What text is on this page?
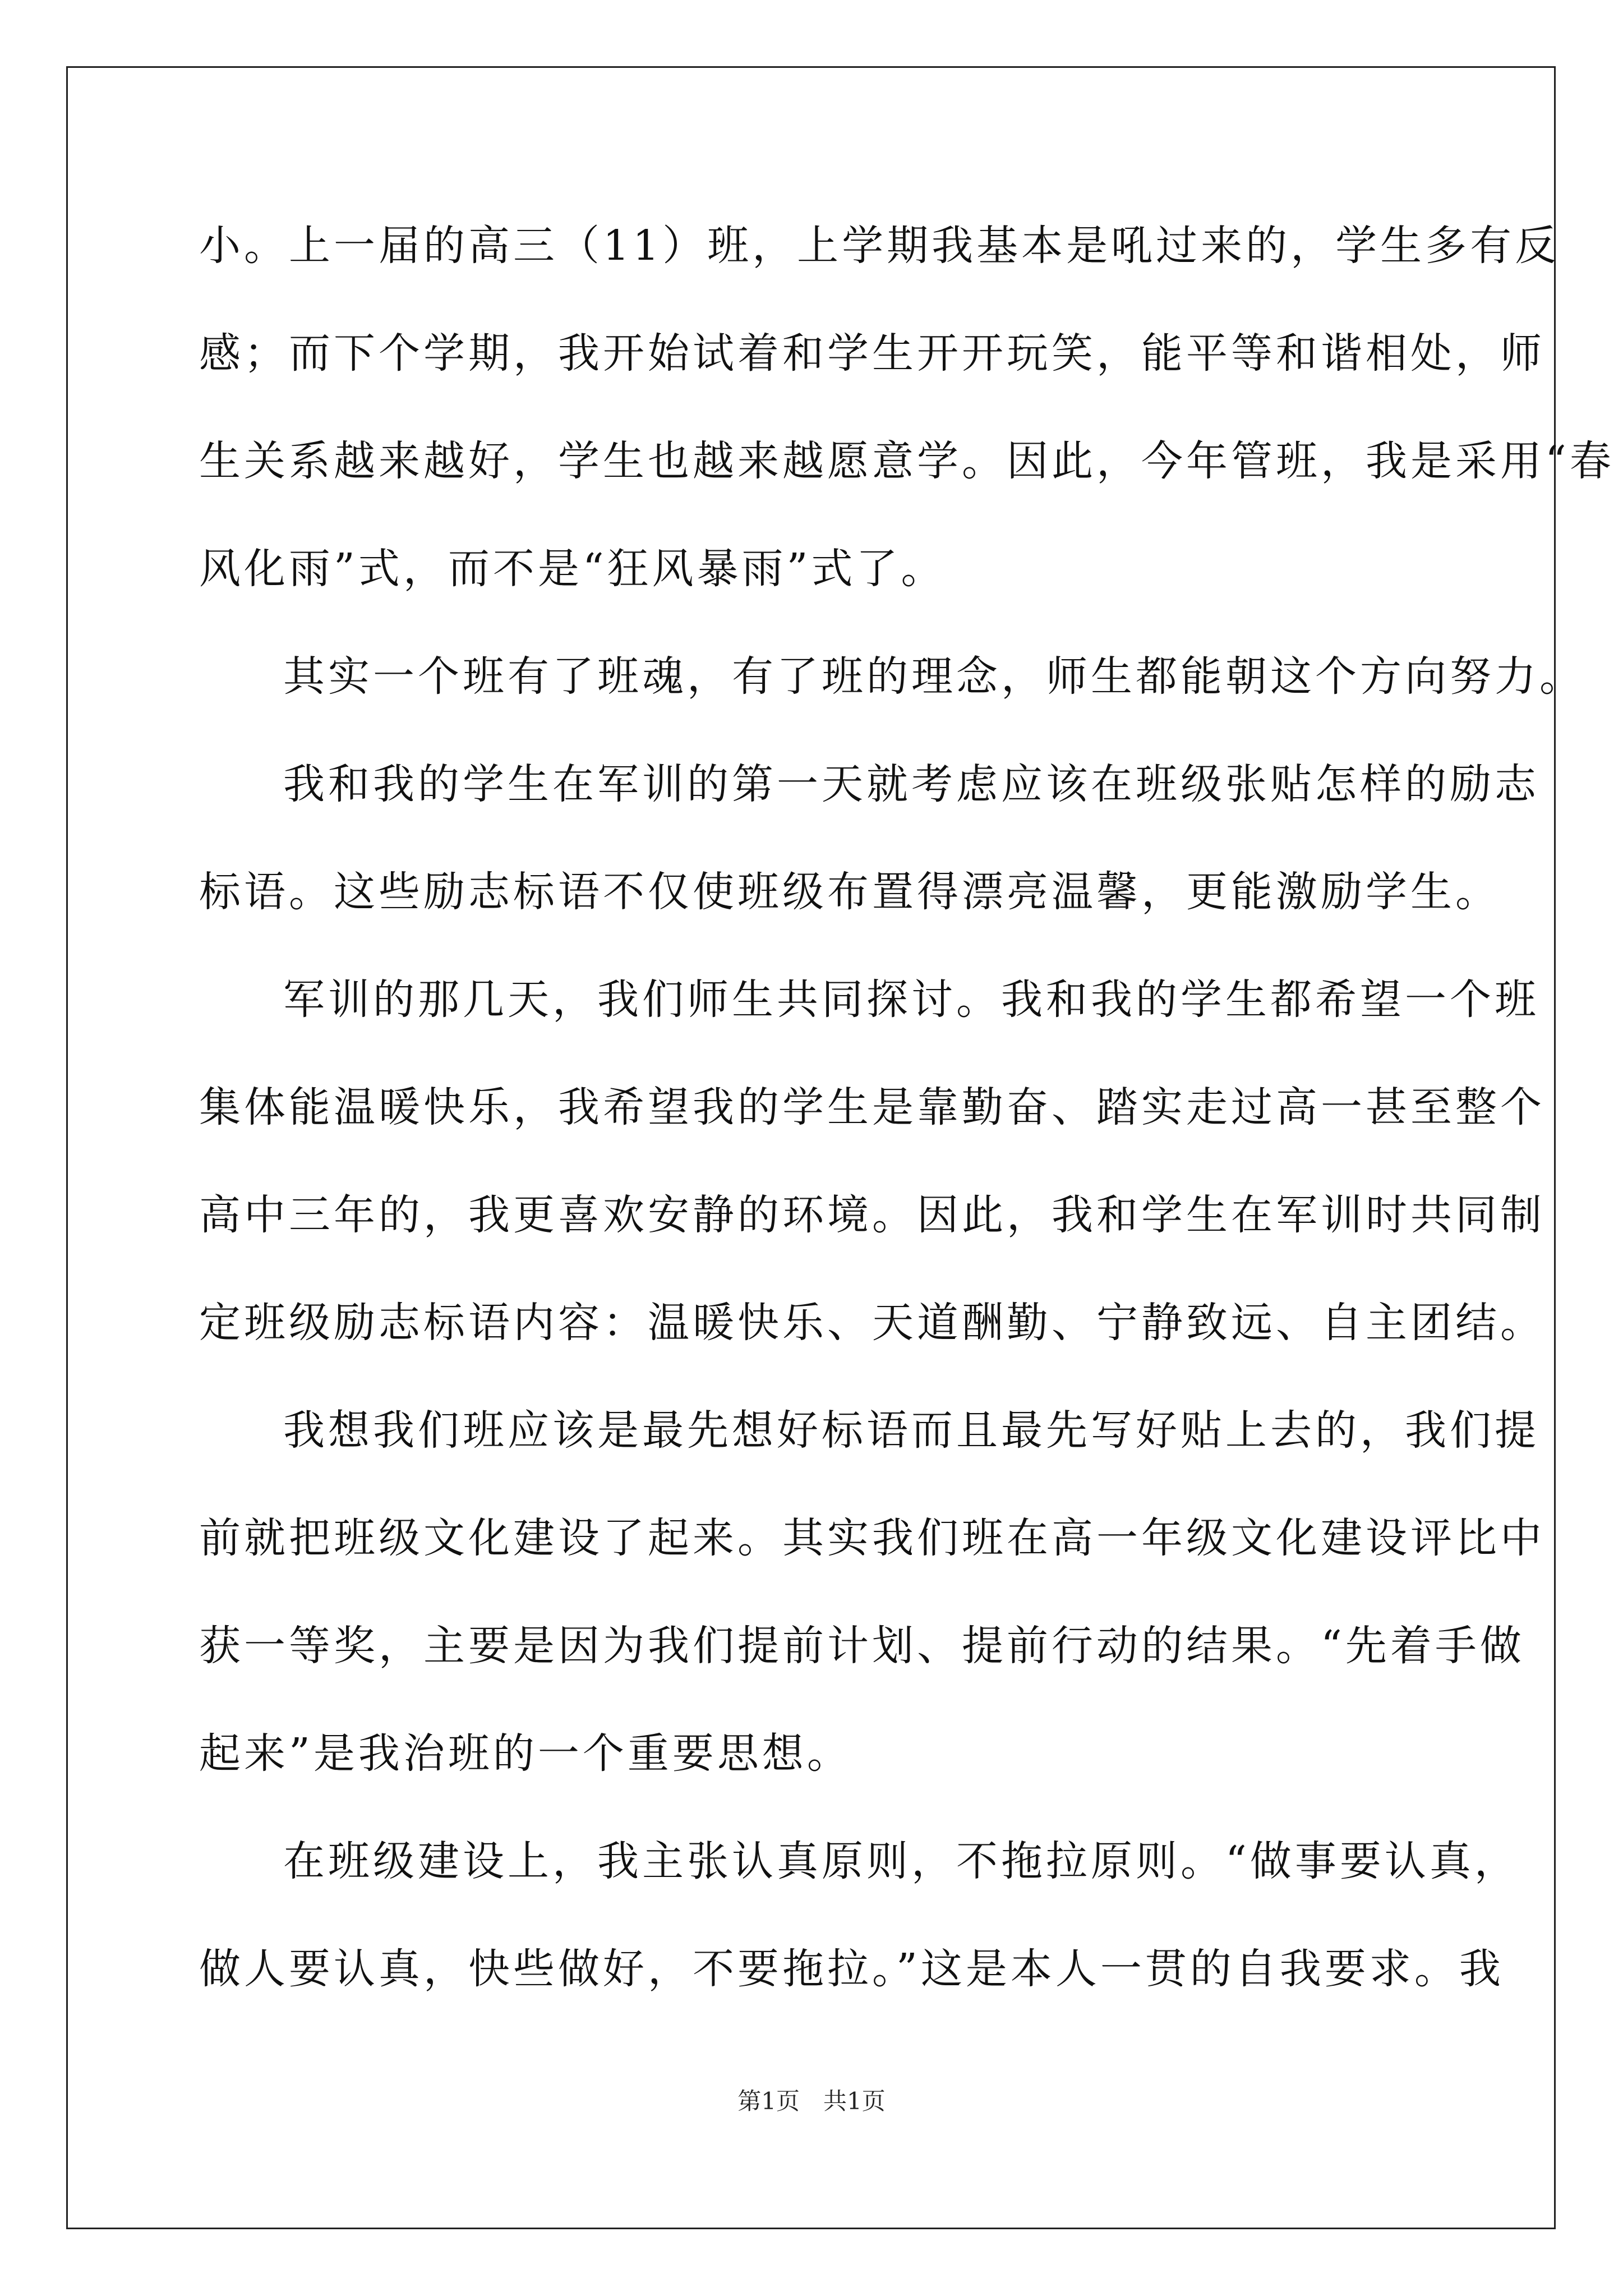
小。上一届的高三（11）班，上学期我基本是吼过来的，学生多有反
感；而下个学期，我开始试着和学生开开玩笑，能平等和谐相处，师
生关系越来越好，学生也越来越愿意学。因此，今年管班，我是采用“春
风化雨”式，而不是“狂风暴雨”式了。
其实一个班有了班魂，有了班的理念，师生都能朝这个方向努力。
我和我的学生在军训的第一天就考虑应该在班级张贴怎样的励志
标语。这些励志标语不仅使班级布置得漂亮温馨，更能激励学生。
军训的那几天，我们师生共同探讨。我和我的学生都希望一个班
集体能温暖快乐，我希望我的学生是靠勤奋、踏实走过高一甚至整个
高中三年的，我更喜欢安静的环境。因此，我和学生在军训时共同制
定班级励志标语内容：温暖快乐、天道酬勤、宁静致远、自主团结。
我想我们班应该是最先想好标语而且最先写好贴上去的，我们提
前就把班级文化建设了起来。其实我们班在高一年级文化建设评比中
获一等奖，主要是因为我们提前计划、提前行动的结果。“先着手做
起来”是我治班的一个重要思想。
在班级建设上，我主张认真原则，不拖拉原则。“做事要认真，
做人要认真，快些做好，不要拖拉。”这是本人一贯的自我要求。我
第1页　共1页
